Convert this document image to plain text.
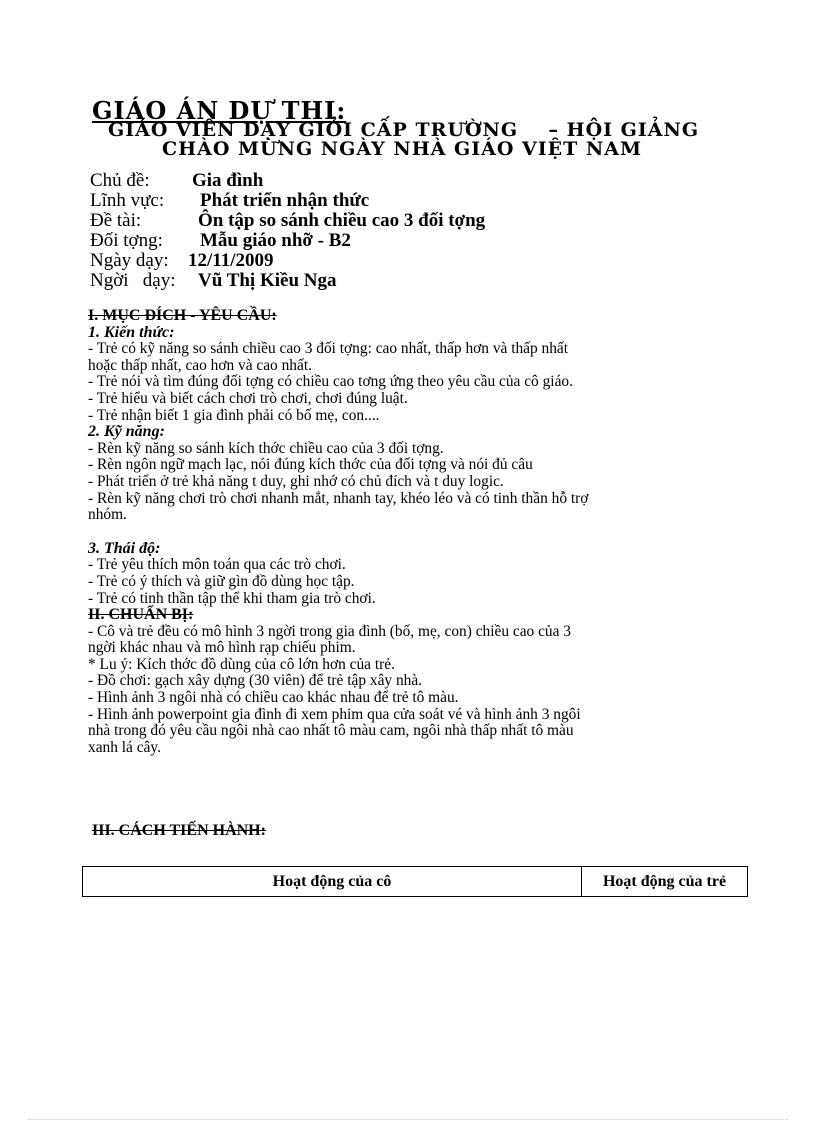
GIÁO ÁN DỰ THI:
GIÁO VIÊN DẠY GIỎI CẤP TRƯỜNG    – HỘI GIẢNG
CHÀO MỪNG NGÀY NHÀ GIÁO VIỆT NAM
Chủ đề: Gia đình
Lĩnh vực: Phát triển nhận thức
Đề tài:	Ôn tập so sánh chiều cao 3 đối tợng
Đối tợng: Mẫu giáo nhỡ - B2
Ngày dạy: 12/11/2009
Ngời   dạy: Vũ Thị Kiều Nga
I. MỤC ĐÍCH - YÊU CẦU:
1. Kiến thức:
- Trẻ có kỹ năng so sánh chiều cao 3 đối tợng: cao nhất, thấp hơn và thấp nhất
hoặc thấp nhất, cao hơn và cao nhất.
- Trẻ nói và tìm đúng đối tợng có chiều cao tơng ứng theo yêu cầu của cô giáo.
- Trẻ hiểu và biết cách chơi trò chơi, chơi đúng luật.
- Trẻ nhận biết 1 gia đình phải có bố mẹ, con....
2. Kỹ năng:
- Rèn kỹ năng so sánh kích thớc chiều cao của 3 đối tợng.
- Rèn ngôn ngữ mạch lạc, nói đúng kích thớc của đối tợng và nói đủ câu
- Phát triển ở trẻ khả năng t duy, ghi nhớ có chủ đích và t duy logic.
- Rèn kỹ năng chơi trò chơi nhanh mắt, nhanh tay, khéo léo và có tinh thần hỗ trợ
nhóm.
3. Thái độ:
- Trẻ yêu thích môn toán qua các trò chơi.
- Trẻ có ý thích và giữ gìn đồ dùng học tập.
- Trẻ có tinh thần tập thể khi tham gia trò chơi.
II. CHUẨN BỊ:
- Cô và trẻ đều có mô hình 3 ngời trong gia đình (bố, mẹ, con) chiều cao của 3
ngời khác nhau và mô hình rạp chiếu phim.
* Lu ý: Kích thớc đồ dùng của cô lớn hơn của trẻ.
- Đồ chơi: gạch xây dựng (30 viên) để trẻ tập xây nhà.
- Hình ảnh 3 ngôi nhà có chiều cao khác nhau để trẻ tô màu.
- Hình ảnh powerpoint gia đình đi xem phim qua cửa soát vé và hình ảnh 3 ngôi
nhà trong đó yêu cầu ngôi nhà cao nhất tô màu cam, ngôi nhà thấp nhất tô màu
xanh lá cây.
III. CÁCH TIẾN HÀNH:
Hoạt động của cô	Hoạt động của trẻ
